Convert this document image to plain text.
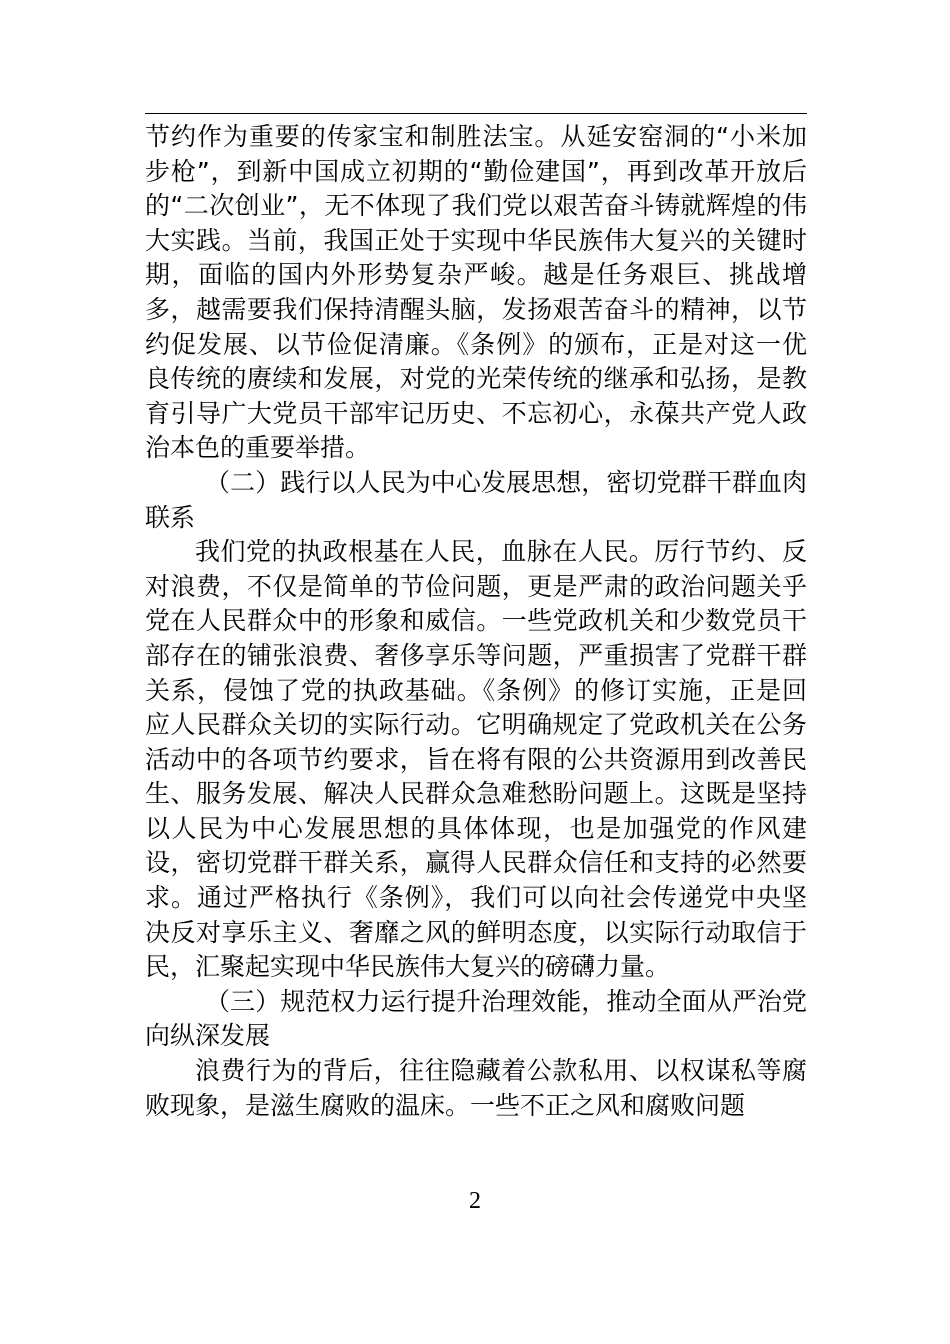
节约作为重要的传家宝和制胜法宝。从延安窑洞的“小米加步枪”，到新中国成立初期的“勤俭建国”，再到改革开放后的“二次创业”，无不体现了我们党以艰苦奋斗铸就辉煌的伟大实践。当前，我国正处于实现中华民族伟大复兴的关键时期，面临的国内外形势复杂严峻。越是任务艰巨、挑战增多，越需要我们保持清醒头脑，发扬艰苦奋斗的精神，以节约促发展、以节俭促清廉。《条例》的颁布，正是对这一优良传统的赓续和发展，对党的光荣传统的继承和弘扬，是教育引导广大党员干部牢记历史、不忘初心，永葆共产党人政治本色的重要举措。

（二）践行以人民为中心发展思想，密切党群干群血肉联系

我们党的执政根基在人民，血脉在人民。厉行节约、反对浪费，不仅是简单的节俭问题，更是严肃的政治问题关乎党在人民群众中的形象和威信。一些党政机关和少数党员干部存在的铺张浪费、奢侈享乐等问题，严重损害了党群干群关系，侵蚀了党的执政基础。《条例》的修订实施，正是回应人民群众关切的实际行动。它明确规定了党政机关在公务活动中的各项节约要求，旨在将有限的公共资源用到改善民生、服务发展、解决人民群众急难愁盼问题上。这既是坚持以人民为中心发展思想的具体体现，也是加强党的作风建设，密切党群干群关系，赢得人民群众信任和支持的必然要求。通过严格执行《条例》，我们可以向社会传递党中央坚决反对享乐主义、奢靡之风的鲜明态度，以实际行动取信于民，汇聚起实现中华民族伟大复兴的磅礴力量。

（三）规范权力运行提升治理效能，推动全面从严治党向纵深发展

浪费行为的背后，往往隐藏着公款私用、以权谋私等腐败现象，是滋生腐败的温床。一些不正之风和腐败问题

2
